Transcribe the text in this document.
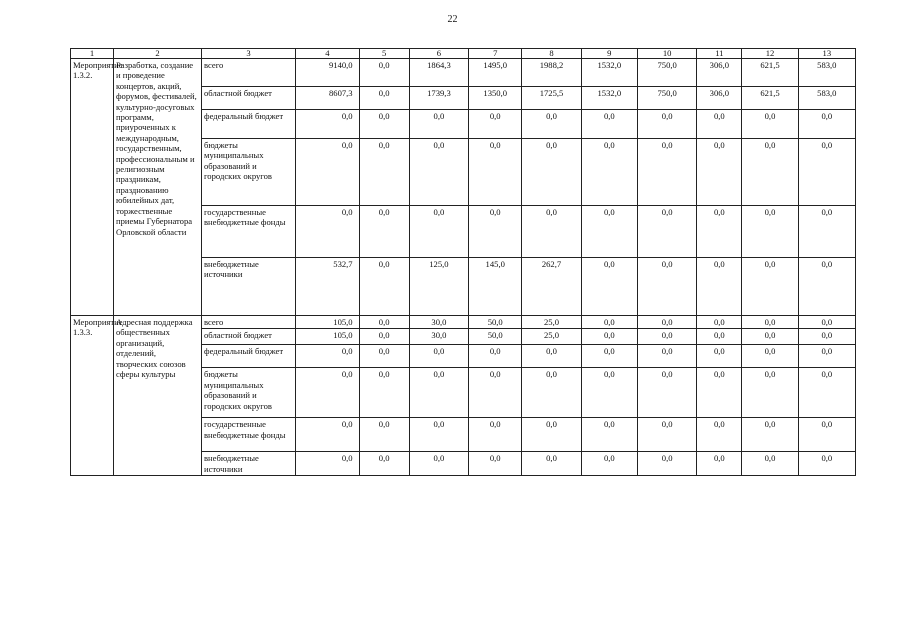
22
1	2	3	4	5	6	7	8	9	10	11	12	13
Мероприятие 1.3.2.	Разработка, создание и проведение концертов, акций, форумов, фестивалей, культурно-досуговых программ, приуроченных к международным, государственным, профессиональным и религиозным праздникам, празднованию юбилейных дат, торжественные приемы Губернатора Орловской области	всего	9140,0	0,0	1864,3	1495,0	1988,2	1532,0	750,0	306,0	621,5	583,0
		областной бюджет	8607,3	0,0	1739,3	1350,0	1725,5	1532,0	750,0	306,0	621,5	583,0
		федеральный бюджет	0,0	0,0	0,0	0,0	0,0	0,0	0,0	0,0	0,0	0,0
		бюджеты муниципальных образований и городских округов	0,0	0,0	0,0	0,0	0,0	0,0	0,0	0,0	0,0	0,0
		государственные внебюджетные фонды	0,0	0,0	0,0	0,0	0,0	0,0	0,0	0,0	0,0	0,0
		внебюджетные источники	532,7	0,0	125,0	145,0	262,7	0,0	0,0	0,0	0,0	0,0
Мероприятие 1.3.3.	Адресная поддержка общественных организаций, отделений, творческих союзов сферы культуры	всего	105,0	0,0	30,0	50,0	25,0	0,0	0,0	0,0	0,0	0,0
		областной бюджет	105,0	0,0	30,0	50,0	25,0	0,0	0,0	0,0	0,0	0,0
		федеральный бюджет	0,0	0,0	0,0	0,0	0,0	0,0	0,0	0,0	0,0	0,0
		бюджеты муниципальных образований и городских округов	0,0	0,0	0,0	0,0	0,0	0,0	0,0	0,0	0,0	0,0
		государственные внебюджетные фонды	0,0	0,0	0,0	0,0	0,0	0,0	0,0	0,0	0,0	0,0
		внебюджетные источники	0,0	0,0	0,0	0,0	0,0	0,0	0,0	0,0	0,0	0,0
